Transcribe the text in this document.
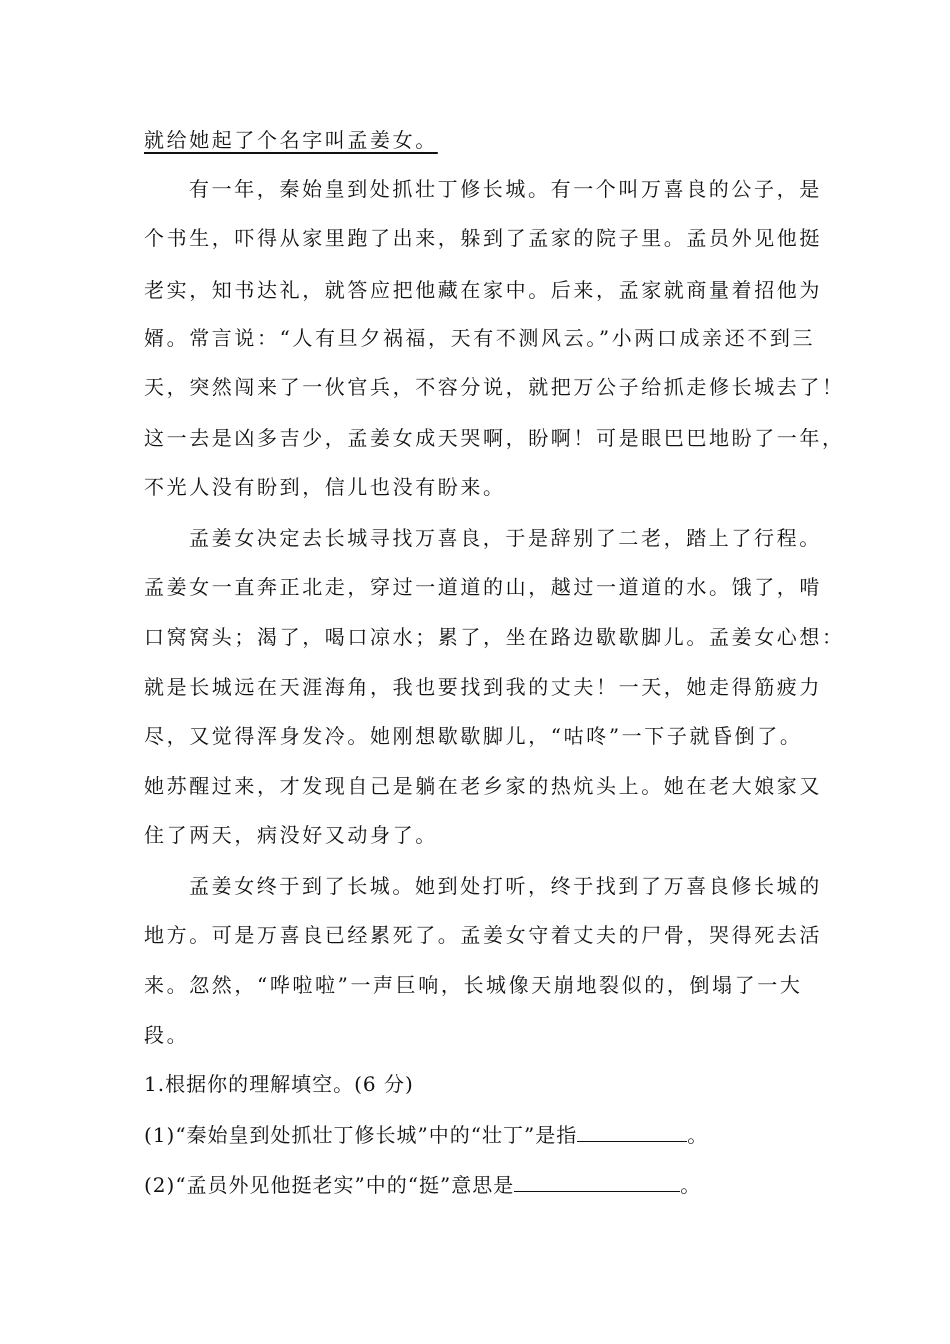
就给她起了个名字叫孟姜女。
有一年，秦始皇到处抓壮丁修长城。有一个叫万喜良的公子，是
个书生，吓得从家里跑了出来，躲到了孟家的院子里。孟员外见他挺
老实，知书达礼，就答应把他藏在家中。后来，孟家就商量着招他为
婿。常言说：“人有旦夕祸福，天有不测风云。”小两口成亲还不到三
天，突然闯来了一伙官兵，不容分说，就把万公子给抓走修长城去了！
这一去是凶多吉少，孟姜女成天哭啊，盼啊！可是眼巴巴地盼了一年，
不光人没有盼到，信儿也没有盼来。
孟姜女决定去长城寻找万喜良，于是辞别了二老，踏上了行程。
孟姜女一直奔正北走，穿过一道道的山，越过一道道的水。饿了，啃
口窝窝头；渴了，喝口凉水；累了，坐在路边歇歇脚儿。孟姜女心想：
就是长城远在天涯海角，我也要找到我的丈夫！一天，她走得筋疲力
尽，又觉得浑身发冷。她刚想歇歇脚儿，“咕咚”一下子就昏倒了。
她苏醒过来，才发现自己是躺在老乡家的热炕头上。她在老大娘家又
住了两天，病没好又动身了。
孟姜女终于到了长城。她到处打听，终于找到了万喜良修长城的
地方。可是万喜良已经累死了。孟姜女守着丈夫的尸骨，哭得死去活
来。忽然，“哗啦啦”一声巨响，长城像天崩地裂似的，倒塌了一大
段。
1.根据你的理解填空。(6 分)
(1)“秦始皇到处抓壮丁修长城”中的“壮丁”是指	。
(2)“孟员外见他挺老实”中的“挺”意思是	。
